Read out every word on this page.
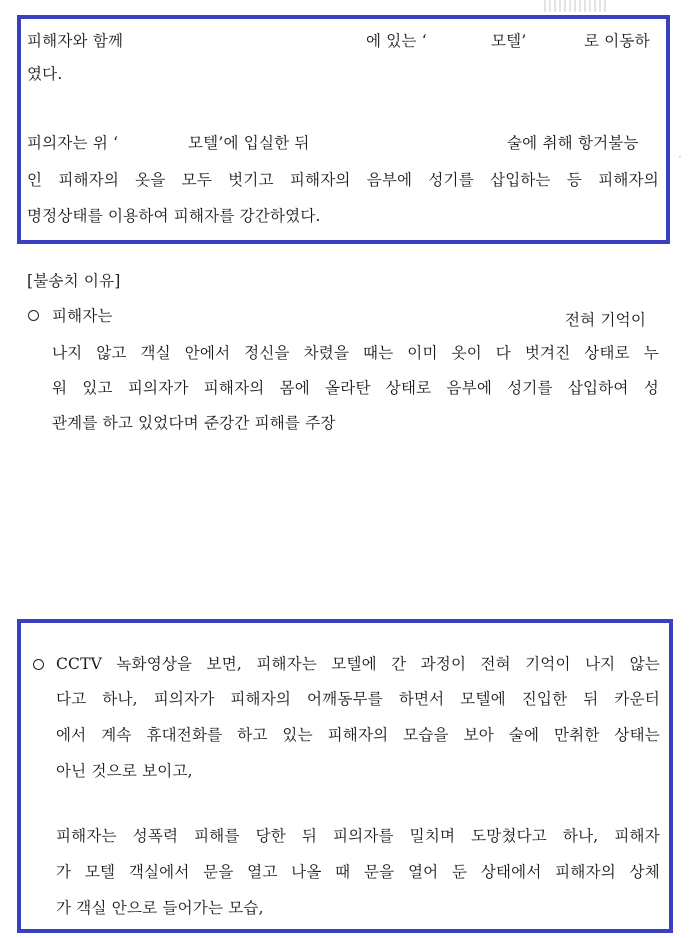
피해자와 함께	에 있는 ‘	모텔’	로 이동하
였다.
피의자는 위 ‘	모텔’에 입실한 뒤	술에 취해 항거불능
인 피해자의 옷을 모두 벗기고 피해자의 음부에 성기를 삽입하는 등 피해자의
명정상태를 이용하여 피해자를 강간하였다.
[불송치 이유]
피해자는	전혀 기억이
나지 않고 객실 안에서 정신을 차렸을 때는 이미 옷이 다 벗겨진 상태로 누
워 있고 피의자가 피해자의 몸에 올라탄 상태로 음부에 성기를 삽입하여 성
관계를 하고 있었다며 준강간 피해를 주장
·
CCTV 녹화영상을 보면, 피해자는 모텔에 간 과정이 전혀 기억이 나지 않는
다고 하나, 피의자가 피해자의 어깨동무를 하면서 모텔에 진입한 뒤 카운터
에서 계속 휴대전화를 하고 있는 피해자의 모습을 보아 술에 만취한 상태는
아닌 것으로 보이고,
피해자는 성폭력 피해를 당한 뒤 피의자를 밀치며 도망쳤다고 하나, 피해자
가 모텔 객실에서 문을 열고 나올 때 문을 열어 둔 상태에서 피해자의 상체
가 객실 안으로 들어가는 모습,
